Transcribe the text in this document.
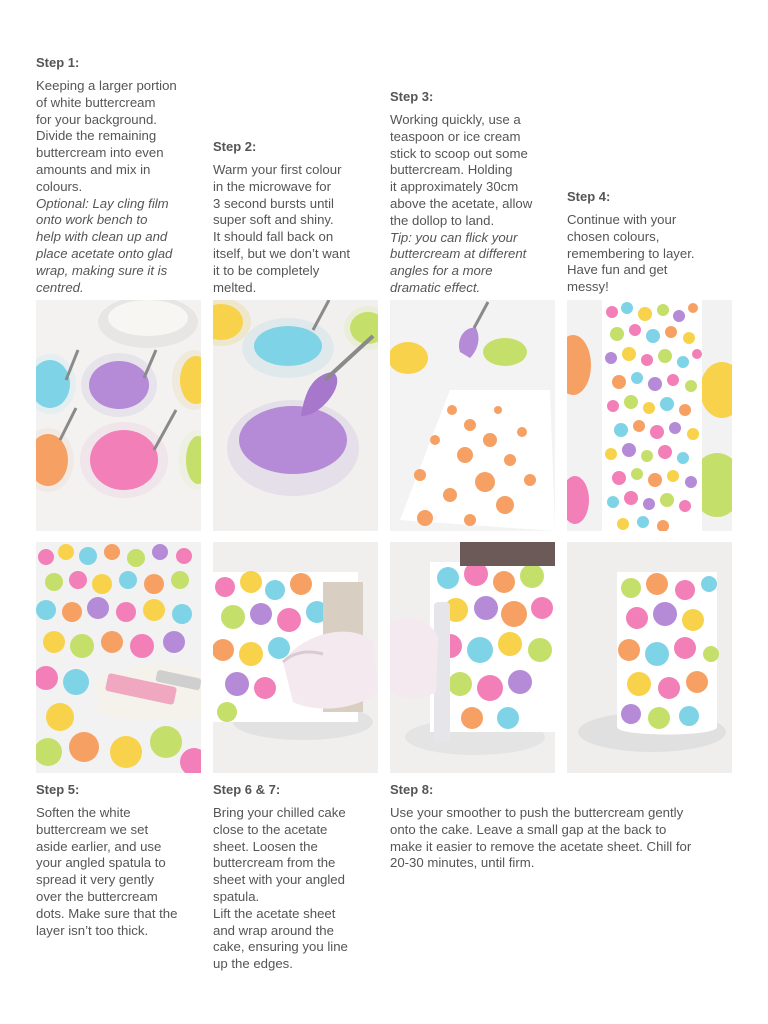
Step 1:

Keeping a larger portion

of white buttercream

for your background.

Divide the remaining

buttercream into even

amounts and mix in

colours.

Optional: Lay cling film

onto work bench to

help with clean up and

place acetate onto glad

wrap, making sure it is

centred.

Step 2:

Warm your first colour

in the microwave for

3 second bursts until

super soft and shiny.

It should fall back on

itself, but we don’t want

it to be completely

melted.

Step 3:

Working quickly, use a

teaspoon or ice cream

stick to scoop out some

buttercream. Holding

it approximately 30cm

above the acetate, allow

the dollop to land.

Tip: you can flick your

buttercream at different

angles for a more

dramatic effect.

Step 4:

Continue with your

chosen colours,

remembering to layer.

Have fun and get

messy!

Step 5:

Soften the white

buttercream we set

aside earlier, and use

your angled spatula to

spread it very gently

over the buttercream

dots. Make sure that the

layer isn’t too thick.

Step 6 & 7:

Bring your chilled cake

close to the acetate

sheet. Loosen the

buttercream from the

sheet with your angled

spatula.

Lift the acetate sheet

and wrap around the

cake, ensuring you line

up the edges.

Step 8:

Use your smoother to push the buttercream gently

onto the cake. Leave a small gap at the back to

make it easier to remove the acetate sheet. Chill for

20-30 minutes, until firm.
